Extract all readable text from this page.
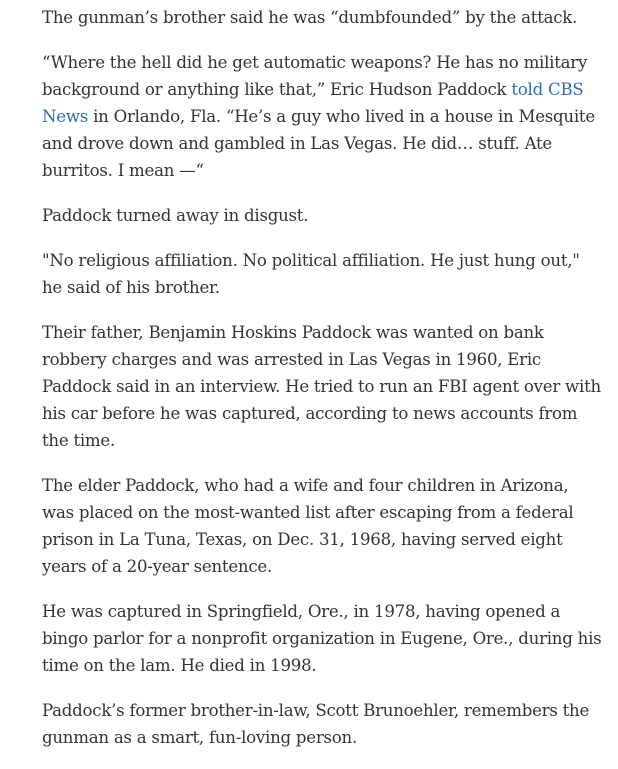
The gunman’s brother said he was “dumbfounded” by the attack.

“Where the hell did he get automatic weapons? He has no military background or anything like that,” Eric Hudson Paddock told CBS News in Orlando, Fla. “He’s a guy who lived in a house in Mesquite and drove down and gambled in Las Vegas. He did… stuff. Ate burritos. I mean —“

Paddock turned away in disgust.

"No religious affiliation. No political affiliation. He just hung out," he said of his brother.

Their father, Benjamin Hoskins Paddock was wanted on bank robbery charges and was arrested in Las Vegas in 1960, Eric Paddock said in an interview. He tried to run an FBI agent over with his car before he was captured, according to news accounts from the time.

The elder Paddock, who had a wife and four children in Arizona, was placed on the most-wanted list after escaping from a federal prison in La Tuna, Texas, on Dec. 31, 1968, having served eight years of a 20-year sentence.

He was captured in Springfield, Ore., in 1978, having opened a bingo parlor for a nonprofit organization in Eugene, Ore., during his time on the lam. He died in 1998.

Paddock’s former brother-in-law, Scott Brunoehler, remembers the gunman as a smart, fun-loving person.
